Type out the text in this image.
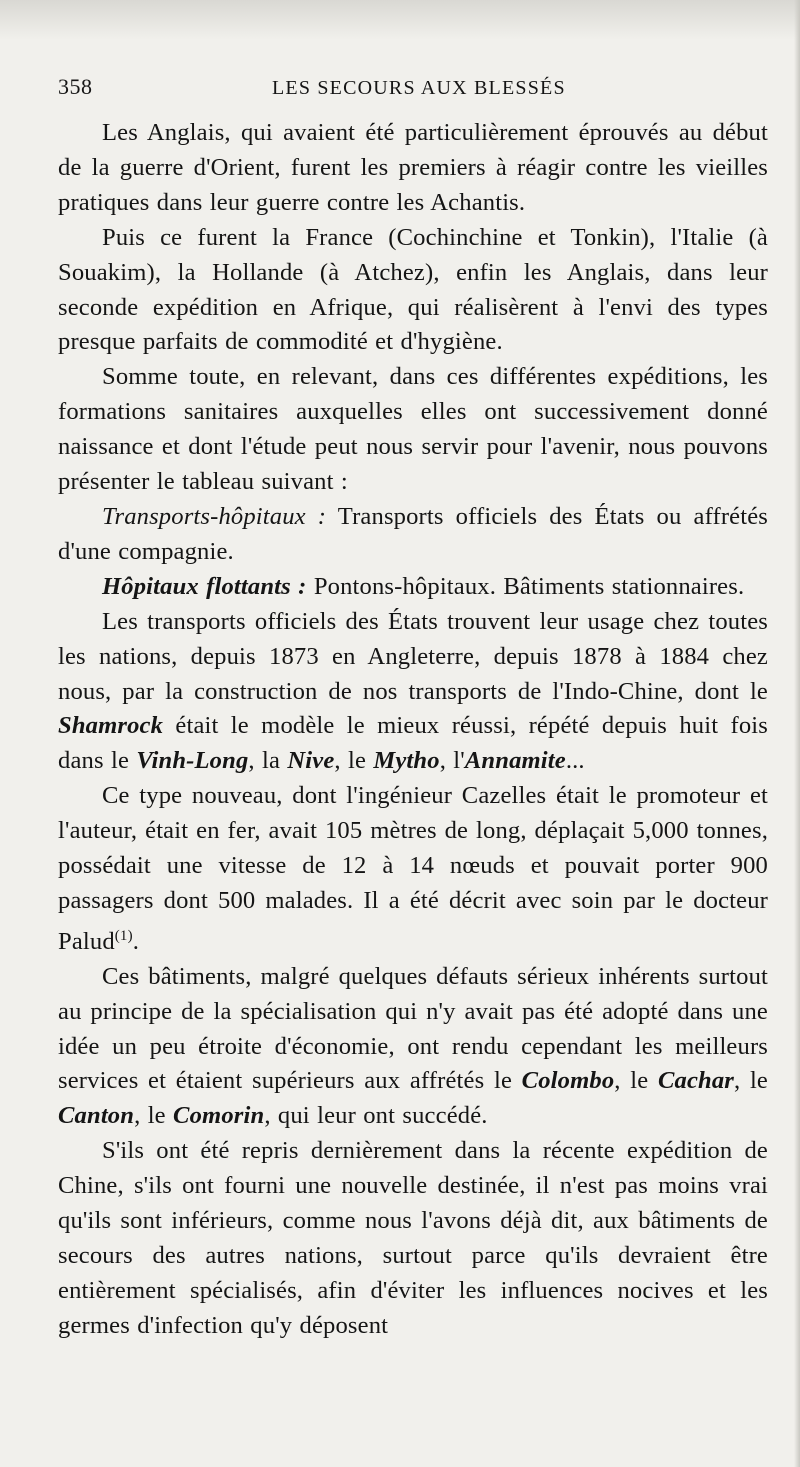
358	LES SECOURS AUX BLESSÉS

Les Anglais, qui avaient été particulièrement éprouvés au début de la guerre d'Orient, furent les premiers à réagir contre les vieilles pratiques dans leur guerre contre les Achantis.

Puis ce furent la France (Cochinchine et Tonkin), l'Italie (à Souakim), la Hollande (à Atchez), enfin les Anglais, dans leur seconde expédition en Afrique, qui réalisèrent à l'envi des types presque parfaits de commodité et d'hygiène.

Somme toute, en relevant, dans ces différentes expéditions, les formations sanitaires auxquelles elles ont successivement donné naissance et dont l'étude peut nous servir pour l'avenir, nous pouvons présenter le tableau suivant :

Transports-hôpitaux : Transports officiels des États ou affrétés d'une compagnie.

Hôpitaux flottants : Pontons-hôpitaux. Bâtiments stationnaires.

Les transports officiels des États trouvent leur usage chez toutes les nations, depuis 1873 en Angleterre, depuis 1878 à 1884 chez nous, par la construction de nos transports de l'Indo-Chine, dont le Shamrock était le modèle le mieux réussi, répété depuis huit fois dans le Vinh-Long, la Nive, le Mytho, l'Annamite...

Ce type nouveau, dont l'ingénieur Cazelles était le promoteur et l'auteur, était en fer, avait 105 mètres de long, déplaçait 5,000 tonnes, possédait une vitesse de 12 à 14 nœuds et pouvait porter 900 passagers dont 500 malades. Il a été décrit avec soin par le docteur Palud$^{(1)}$.

Ces bâtiments, malgré quelques défauts sérieux inhérents surtout au principe de la spécialisation qui n'y avait pas été adopté dans une idée un peu étroite d'économie, ont rendu cependant les meilleurs services et étaient supérieurs aux affrétés le Colombo, le Cachar, le Canton, le Comorin, qui leur ont succédé.

S'ils ont été repris dernièrement dans la récente expédition de Chine, s'ils ont fourni une nouvelle destinée, il n'est pas moins vrai qu'ils sont inférieurs, comme nous l'avons déjà dit, aux bâtiments de secours des autres nations, surtout parce qu'ils devraient être entièrement spécialisés, afin d'éviter les influences nocives et les germes d'infection qu'y déposent
